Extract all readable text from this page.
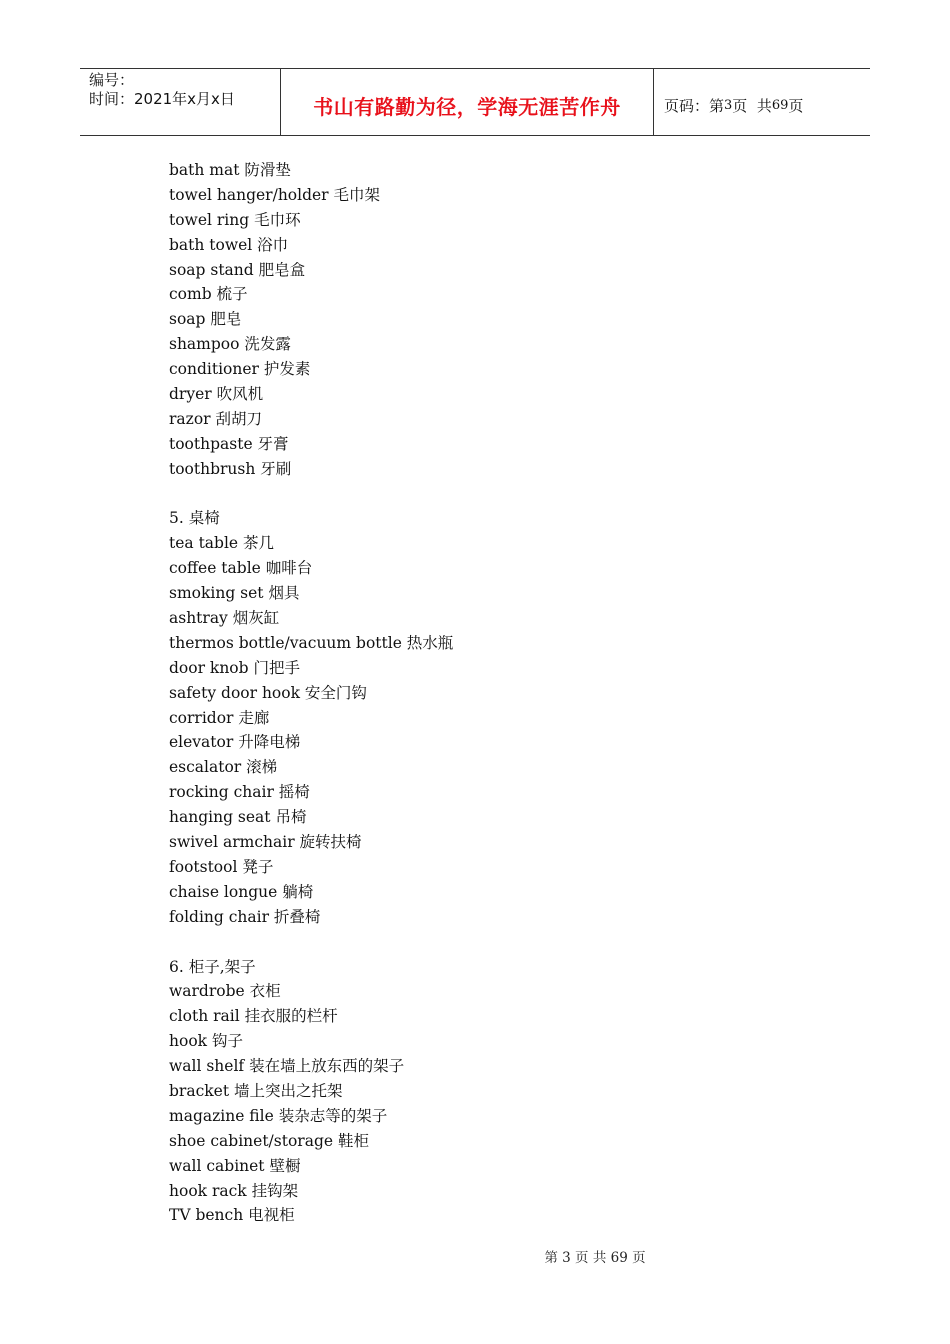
编号：
时间：2021年x月x日	书山有路勤为径，学海无涯苦作舟	页码：第 3 页  共 69 页
bath mat 防滑垫
towel hanger/holder 毛巾架
towel ring 毛巾环
bath towel 浴巾
soap stand 肥皂盒
comb 梳子
soap 肥皂
shampoo 洗发露
conditioner 护发素
dryer 吹风机
razor 刮胡刀
toothpaste 牙膏
toothbrush 牙刷
5. 桌椅
tea table 茶几
coffee table 咖啡台
smoking set 烟具
ashtray 烟灰缸
thermos bottle/vacuum bottle 热水瓶
door knob 门把手
safety door hook 安全门钩
corridor 走廊
elevator 升降电梯
escalator 滚梯
rocking chair 摇椅
hanging seat 吊椅
swivel armchair 旋转扶椅
footstool 凳子
chaise longue 躺椅
folding chair 折叠椅
6. 柜子,架子
wardrobe 衣柜
cloth rail 挂衣服的栏杆
hook 钩子
wall shelf 装在墙上放东西的架子
bracket 墙上突出之托架
magazine file 装杂志等的架子
shoe cabinet/storage 鞋柜
wall cabinet 壁橱
hook rack 挂钩架
TV bench 电视柜
第 3 页 共 69 页
